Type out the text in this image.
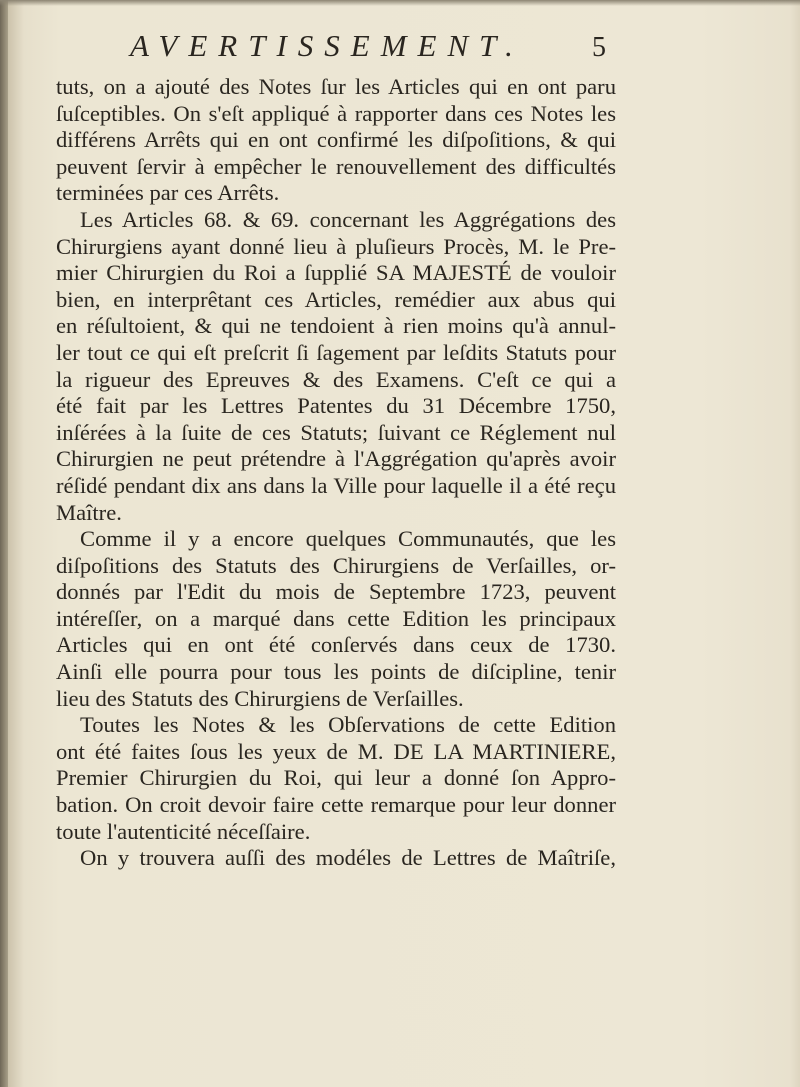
AVERTISSEMENT. 5
tuts, on a ajouté des Notes ſur les Articles qui en ont paru
ſuſceptibles. On s'eſt appliqué à rapporter dans ces Notes les
différens Arrêts qui en ont confirmé les diſpoſitions, & qui
peuvent ſervir à empêcher le renouvellement des difficultés
terminées par ces Arrêts.
Les Articles 68. & 69. concernant les Aggrégations des
Chirurgiens ayant donné lieu à pluſieurs Procès, M. le Pre-
mier Chirurgien du Roi a ſupplié SA MAJESTÉ de vouloir
bien, en interprêtant ces Articles, remédier aux abus qui
en réſultoient, & qui ne tendoient à rien moins qu'à annul-
ler tout ce qui eſt preſcrit ſi ſagement par leſdits Statuts pour
la rigueur des Epreuves & des Examens. C'eſt ce qui a
été fait par les Lettres Patentes du 31 Décembre 1750,
inſérées à la ſuite de ces Statuts; ſuivant ce Réglement nul
Chirurgien ne peut prétendre à l'Aggrégation qu'après avoir
réſidé pendant dix ans dans la Ville pour laquelle il a été reçu
Maître.
Comme il y a encore quelques Communautés, que les
diſpoſitions des Statuts des Chirurgiens de Verſailles, or-
donnés par l'Edit du mois de Septembre 1723, peuvent
intéreſſer, on a marqué dans cette Edition les principaux
Articles qui en ont été conſervés dans ceux de 1730.
Ainſi elle pourra pour tous les points de diſcipline, tenir
lieu des Statuts des Chirurgiens de Verſailles.
Toutes les Notes & les Obſervations de cette Edition
ont été faites ſous les yeux de M. DE LA MARTINIERE,
Premier Chirurgien du Roi, qui leur a donné ſon Appro-
bation. On croit devoir faire cette remarque pour leur donner
toute l'autenticité néceſſaire.
On y trouvera auſſi des modéles de Lettres de Maîtriſe,
